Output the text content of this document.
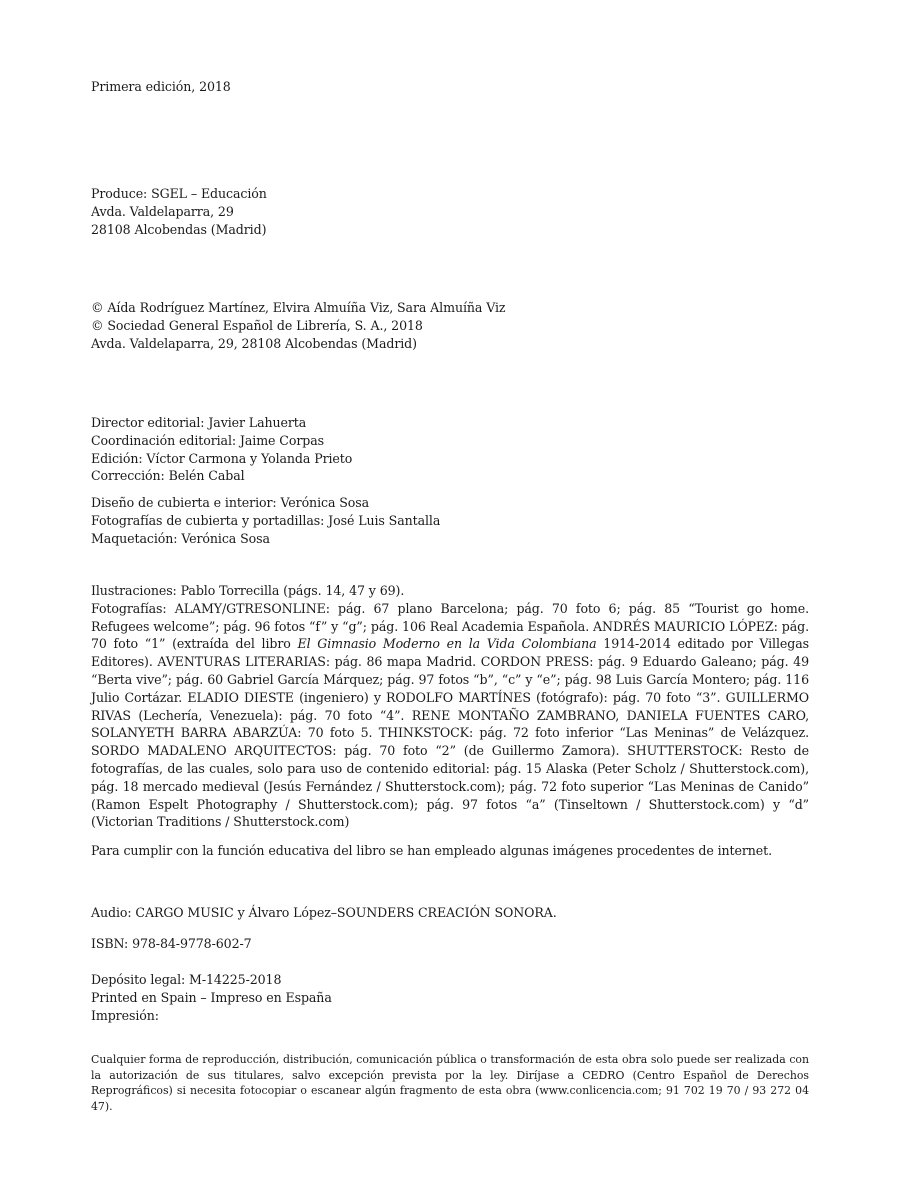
Primera edición, 2018
Produce: SGEL – Educación
Avda. Valdelaparra, 29
28108 Alcobendas (Madrid)
© Aída Rodríguez Martínez, Elvira Almuíña Viz, Sara Almuíña Viz
© Sociedad General Español de Librería, S. A., 2018
Avda. Valdelaparra, 29, 28108 Alcobendas (Madrid)
Director editorial: Javier Lahuerta
Coordinación editorial: Jaime Corpas
Edición: Víctor Carmona y Yolanda Prieto
Corrección: Belén Cabal
Diseño de cubierta e interior: Verónica Sosa
Fotografías de cubierta y portadillas: José Luis Santalla
Maquetación: Verónica Sosa
Ilustraciones: Pablo Torrecilla (págs. 14, 47 y 69).
Fotografías: ALAMY/GTRESONLINE: pág. 67 plano Barcelona; pág. 70 foto 6; pág. 85 “Tourist go home. Refugees welcome”; pág. 96 fotos “f” y “g”; pág. 106 Real Academia Española. ANDRÉS MAURICIO LÓPEZ: pág. 70 foto “1” (extraída del libro El Gimnasio Moderno en la Vida Colombiana 1914-2014 editado por Villegas Editores). AVENTURAS LITERARIAS: pág. 86 mapa Madrid. CORDON PRESS: pág. 9 Eduardo Galeano; pág. 49 “Berta vive”; pág. 60 Gabriel García Márquez; pág. 97 fotos “b”, “c” y “e”; pág. 98 Luis García Montero; pág. 116 Julio Cortázar. ELADIO DIESTE (ingeniero) y RODOLFO MARTÍNES (fotógrafo): pág. 70 foto “3”. GUILLERMO RIVAS (Lechería, Venezuela): pág. 70 foto “4”. RENE MONTAÑO ZAMBRANO, DANIELA FUENTES CARO, SOLANYETH BARRA ABARZÚA: 70 foto 5. THINKSTOCK: pág. 72 foto inferior “Las Meninas” de Velázquez. SORDO MADALENO ARQUITECTOS: pág. 70 foto “2” (de Guillermo Zamora). SHUTTERSTOCK: Resto de fotografías, de las cuales, solo para uso de contenido editorial: pág. 15 Alaska (Peter Scholz / Shutterstock.com), pág. 18 mercado medieval (Jesús Fernández / Shutterstock.com); pág. 72 foto superior “Las Meninas de Canido” (Ramon Espelt Photography / Shutterstock.com); pág. 97 fotos “a” (Tinseltown / Shutterstock.com) y “d” (Victorian Traditions / Shutterstock.com)
Para cumplir con la función educativa del libro se han empleado algunas imágenes procedentes de internet.
Audio: CARGO MUSIC y Álvaro López–SOUNDERS CREACIÓN SONORA.
ISBN: 978-84-9778-602-7
Depósito legal: M-14225-2018
Printed en Spain – Impreso en España
Impresión:
Cualquier forma de reproducción, distribución, comunicación pública o transformación de esta obra solo puede ser realizada con la autorización de sus titulares, salvo excepción prevista por la ley. Diríjase a CEDRO (Centro Español de Derechos Reprográficos) si necesita fotocopiar o escanear algún fragmento de esta obra (www.conlicencia.com; 91 702 19 70 / 93 272 04 47).
